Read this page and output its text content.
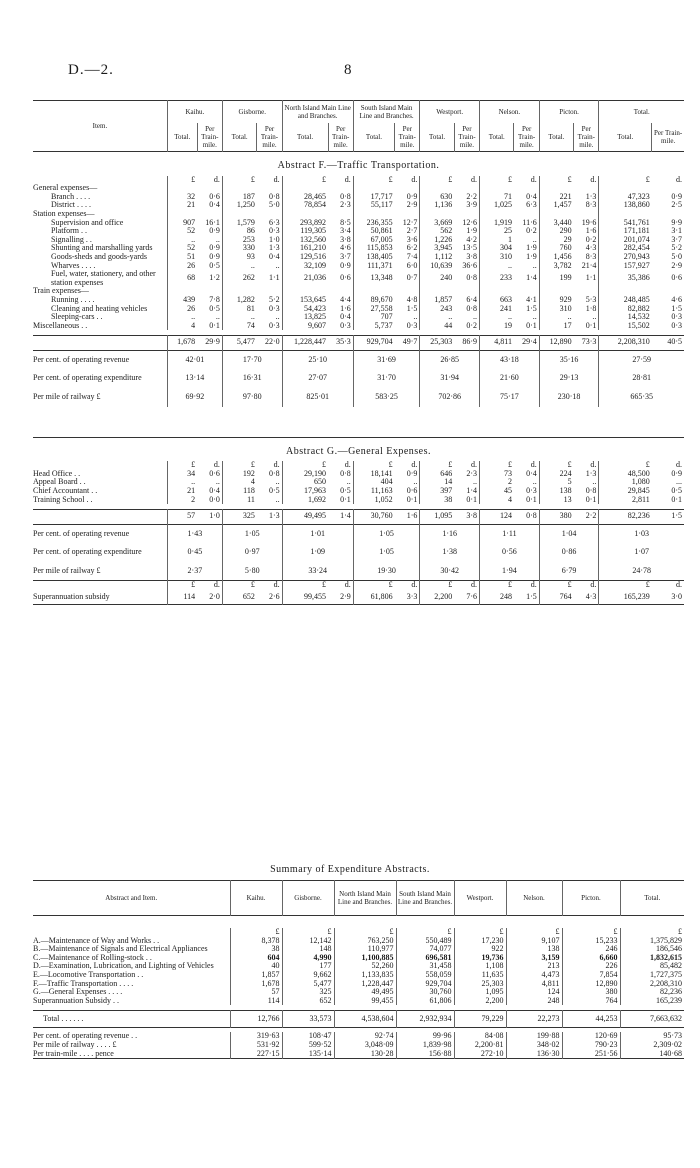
D.—2.	8
Item.	Kaihu.		Gisborne.		North Island Main Line and Branches.		South Island Main Line and Branches.		Westport.		Nelson.		Picton.		Total.	
	Total.	Per Train-mile.	Total.	Per Train-mile.	Total.	Per Train-mile.	Total.	Per Train-mile.	Total.	Per Train-mile.	Total.	Per Train-mile.	Total.	Per Train-mile.	Total.	Per Train-mile.
Abstract F.—Traffic Transportation.																
	£	d.	£	d.	£	d.	£	d.	£	d.	£	d.	£	d.	£	d.
General expenses—																
Branch . . . .	32	0·6	187	0·8	28,465	0·8	17,717	0·9	630	2·2	71	0·4	221	1·3	47,323	0·9
District . . . .	21	0·4	1,250	5·0	78,854	2·3	55,117	2·9	1,136	3·9	1,025	6·3	1,457	8·3	138,860	2·5
Station expenses—																
Supervision and office	907	16·1	1,579	6·3	293,892	8·5	236,355	12·7	3,669	12·6	1,919	11·6	3,440	19·6	541,761	9·9
Platform . .	52	0·9	86	0·3	119,305	3·4	50,861	2·7	562	1·9	25	0·2	290	1·6	171,181	3·1
Signalling . .	..	..	253	1·0	132,560	3·8	67,005	3·6	1,226	4·2	1	..	29	0·2	201,074	3·7
Shunting and marshalling yards	52	0·9	330	1·3	161,210	4·6	115,853	6·2	3,945	13·5	304	1·9	760	4·3	282,454	5·2
Goods-sheds and goods-yards	51	0·9	93	0·4	129,516	3·7	138,405	7·4	1,112	3·8	310	1·9	1,456	8·3	270,943	5·0
Wharves . . . .	26	0·5	..	..	32,109	0·9	111,371	6·0	10,639	36·6	..	..	3,782	21·4	157,927	2·9
Fuel, water, stationery, and other station expenses	68	1·2	262	1·1	21,036	0·6	13,348	0·7	240	0·8	233	1·4	199	1·1	35,386	0·6
Train expenses—																
Running . . . .	439	7·8	1,282	5·2	153,645	4·4	89,670	4·8	1,857	6·4	663	4·1	929	5·3	248,485	4·6
Cleaning and heating vehicles	26	0·5	81	0·3	54,423	1·6	27,558	1·5	243	0·8	241	1·5	310	1·8	82,882	1·5
Sleeping-cars . .	..	..	..	..	13,825	0·4	707	..	..	..	..	..	..	..	14,532	0·3
Miscellaneous . .	4	0·1	74	0·3	9,607	0·3	5,737	0·3	44	0·2	19	0·1	17	0·1	15,502	0·3

	1,678	29·9	5,477	22·0	1,228,447	35·3	929,704	49·7	25,303	86·9	4,811	29·4	12,890	73·3	2,208,310	40·5
Per cent. of operating revenue	42·01		17·70		25·10		31·69		26·85		43·18		35·16		27·59	
Per cent. of operating expenditure	13·14		16·31		27·07		31·70		31·94		21·60		29·13		28·81	
Per mile of railway £	69·92		97·80		825·01		583·25		702·86		75·17		230·18		665·35	

Abstract G.—General Expenses.																
	£	d.	£	d.	£	d.	£	d.	£	d.	£	d.	£	d.	£	d.
Head Office . .	34	0·6	192	0·8	29,190	0·8	18,141	0·9	646	2·3	73	0·4	224	1·3	48,500	0·9
Appeal Board . .	..	..	4	..	650	..	404	..	14	..	2	..	5	..	1,080	...
Chief Accountant . .	21	0·4	118	0·5	17,963	0·5	11,163	0·6	397	1·4	45	0·3	138	0·8	29,845	0·5
Training School . .	2	0·0	11	..	1,692	0·1	1,052	0·1	38	0·1	4	0·1	13	0·1	2,811	0·1

	57	1·0	325	1·3	49,495	1·4	30,760	1·6	1,095	3·8	124	0·8	380	2·2	82,236	1·5
Per cent. of operating revenue	1·43		1·05		1·01		1·05		1·16		1·11		1·04		1·03	
Per cent. of operating expenditure	0·45		0·97		1·09		1·05		1·38		0·56		0·86		1·07	
Per mile of railway £	2·37		5·80		33·24		19·30		30·42		1·94		6·79		24·78	
	£	d.	£	d.	£	d.	£	d.	£	d.	£	d.	£	d.	£	d.
Superannuation subsidy	114	2·0	652	2·6	99,455	2·9	61,806	3·3	2,200	7·6	248	1·5	764	4·3	165,239	3·0
Summary of Expenditure Abstracts.
Abstract and Item.	Kaihu.	Gisborne.	North Island Main Line and Branches.	South Island Main Line and Branches.	Westport.	Nelson.	Picton.	Total.

	£	£	£	£	£	£	£	£
A.—Maintenance of Way and Works . .	8,378	12,142	763,250	550,489	17,230	9,107	15,233	1,375,829
B.—Maintenance of Signals and Electrical Appliances	38	148	110,977	74,077	922	138	246	186,546
C.—Maintenance of Rolling-stock . .	604	4,990	1,100,885	696,581	19,736	3,159	6,660	1,832,615
D.—Examination, Lubrication, and Lighting of Vehicles	40	177	52,260	31,458	1,108	213	226	85,482
E.—Locomotive Transportation . .	1,857	9,662	1,133,835	558,059	11,635	4,473	7,854	1,727,375
F.—Traffic Transportation . . . .	1,678	5,477	1,228,447	929,704	25,303	4,811	12,890	2,208,310
G.—General Expenses . . . .	57	325	49,495	30,760	1,095	124	380	82,236
Superannuation Subsidy . .	114	652	99,455	61,806	2,200	248	764	165,239

Total . . . . . .	12,766	33,573	4,538,604	2,932,934	79,229	22,273	44,253	7,663,632

Per cent. of operating revenue . .	319·63	108·47	92·74	99·96	84·08	199·88	120·69	95·73
Per mile of railway . . . . £	531·92	599·52	3,048·09	1,839·98	2,200·81	348·02	790·23	2,309·02
Per train-mile . . . . pence	227·15	135·14	130·28	156·88	272·10	136·30	251·56	140·68
